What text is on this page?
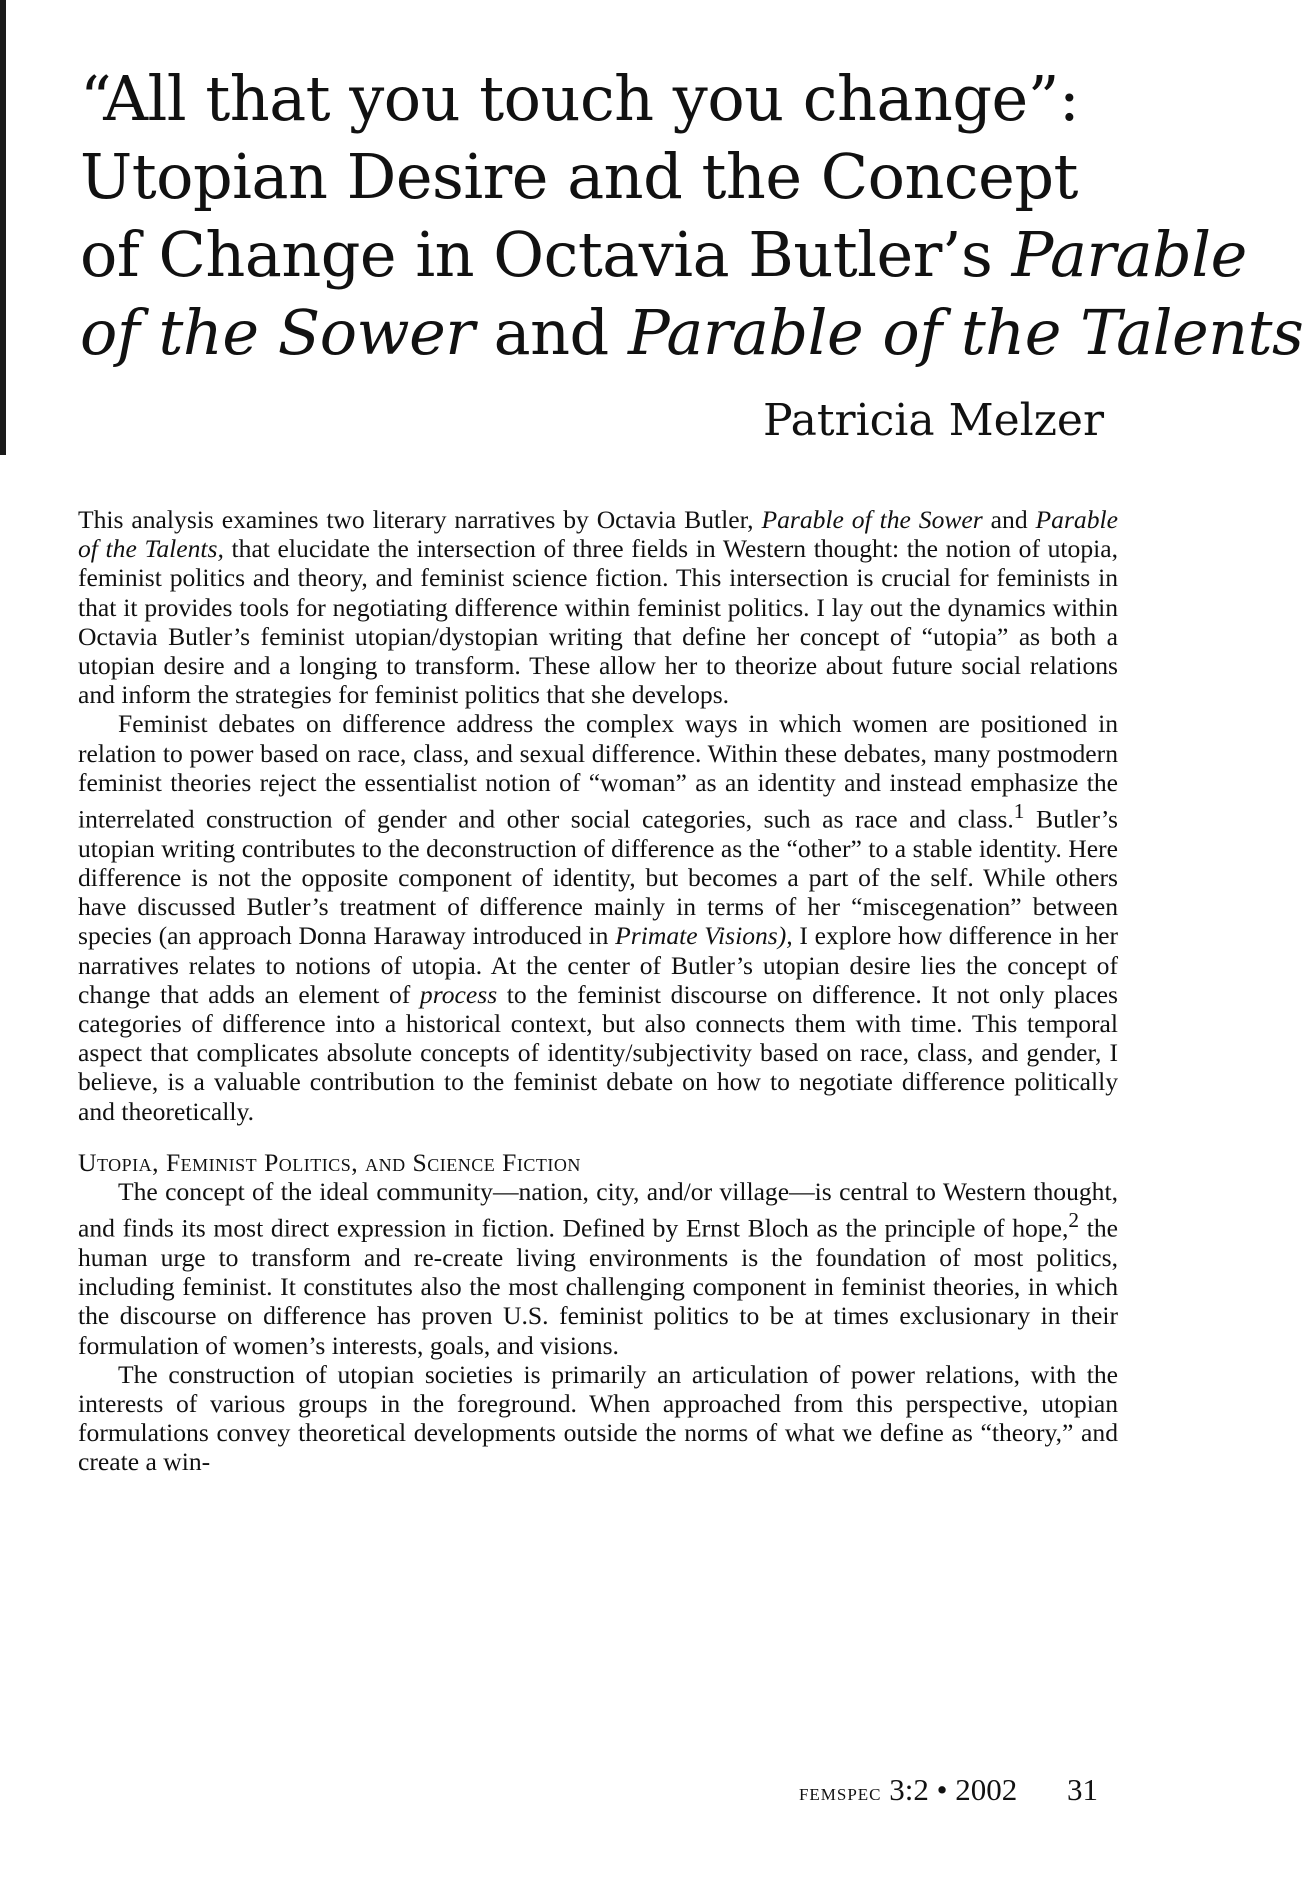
“All that you touch you change”:
Utopian Desire and the Concept
of Change in Octavia Butler’s Parable
of the Sower and Parable of the Talents
Patricia Melzer

This analysis examines two literary narratives by Octavia Butler, Parable of the Sower and Parable of the Talents, that elucidate the intersection of three fields in Western thought: the notion of utopia, feminist politics and theory, and feminist science fiction. This intersection is crucial for feminists in that it provides tools for negotiating difference within feminist politics. I lay out the dynamics within Octavia Butler’s feminist utopian/dystopian writing that define her concept of “utopia” as both a utopian desire and a longing to transform. These allow her to theorize about future social relations and inform the strategies for feminist politics that she develops.

Feminist debates on difference address the complex ways in which women are positioned in relation to power based on race, class, and sexual difference. Within these debates, many postmodern feminist theories reject the essentialist notion of “woman” as an identity and instead emphasize the interrelated construction of gender and other social categories, such as race and class.$^1$ Butler’s utopian writing contributes to the deconstruction of difference as the “other” to a stable identity. Here difference is not the opposite component of identity, but becomes a part of the self. While others have discussed Butler’s treatment of difference mainly in terms of her “miscegenation” between species (an approach Donna Haraway introduced in Primate Visions), I explore how difference in her narratives relates to notions of utopia. At the center of Butler’s utopian desire lies the concept of change that adds an element of process to the feminist discourse on difference. It not only places categories of difference into a historical context, but also connects them with time. This temporal aspect that complicates absolute concepts of identity/subjectivity based on race, class, and gender, I believe, is a valuable contribution to the feminist debate on how to negotiate difference politically and theoretically.

Utopia, Feminist Politics, and Science Fiction

The concept of the ideal community—nation, city, and/or village—is central to Western thought, and finds its most direct expression in fiction. Defined by Ernst Bloch as the principle of hope,$^2$ the human urge to transform and re-create living environments is the foundation of most politics, including feminist. It constitutes also the most challenging component in feminist theories, in which the discourse on difference has proven U.S. feminist politics to be at times exclusionary in their formulation of women’s interests, goals, and visions.

The construction of utopian societies is primarily an articulation of power relations, with the interests of various groups in the foreground. When approached from this perspective, utopian formulations convey theoretical developments outside the norms of what we define as “theory,” and create a win-

femspec 3:2 • 2002 31
